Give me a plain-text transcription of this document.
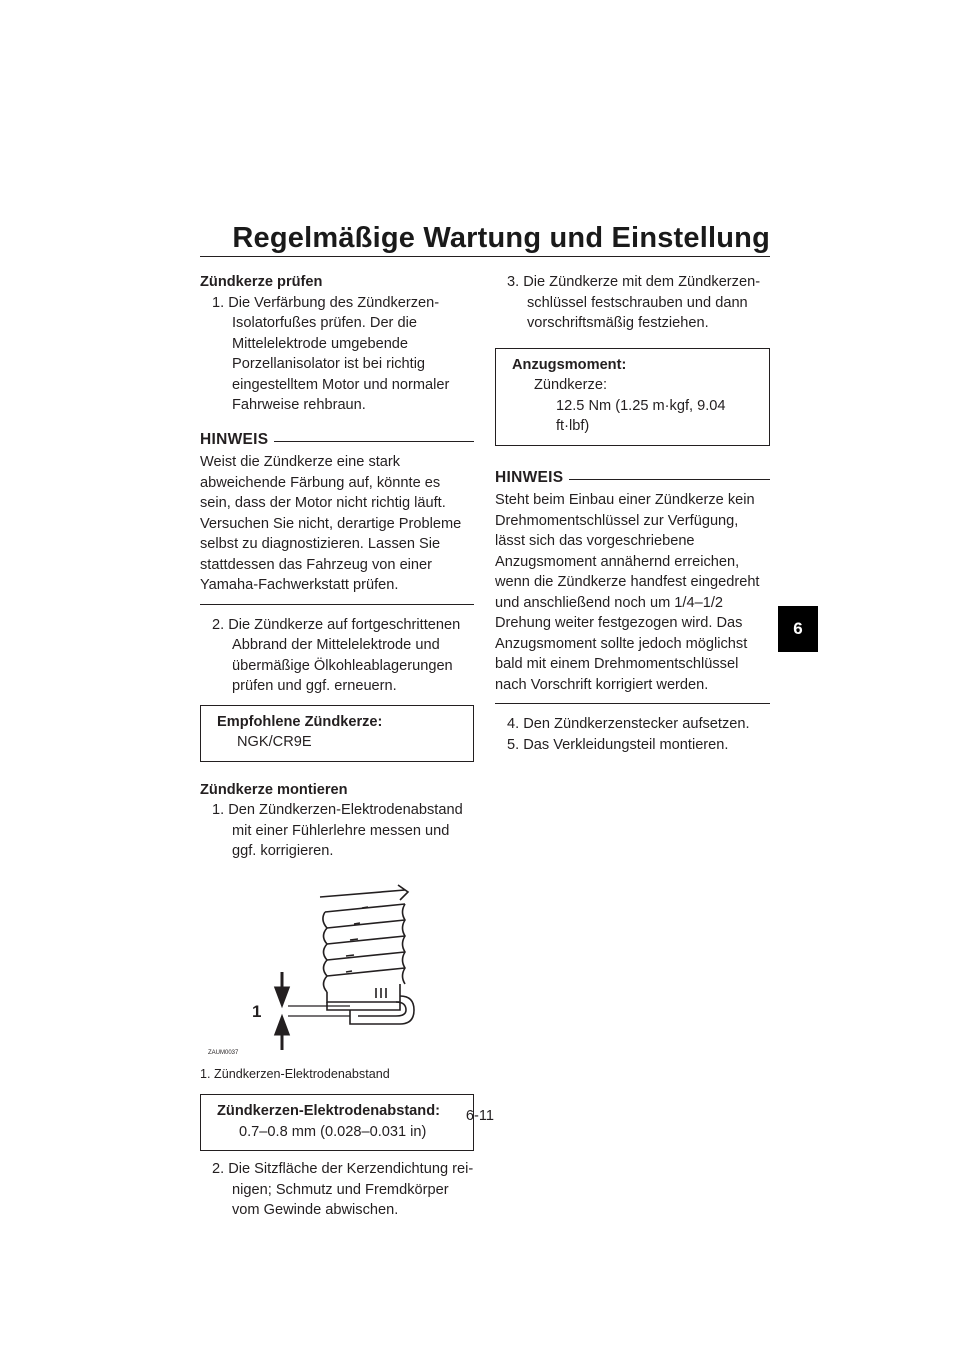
Regelmäßige Wartung und Einstellung
6
Zündkerze prüfen
1. Die Verfärbung des Zündkerzen-Isolatorfußes prüfen. Der die Mittelelektrode umgebende Porzellanisolator ist bei richtig eingestelltem Motor und normaler Fahrweise rehbraun.
HINWEIS
Weist die Zündkerze eine stark abweichende Färbung auf, könnte es sein, dass der Motor nicht richtig läuft. Versuchen Sie nicht, derartige Probleme selbst zu diagnostizieren. Lassen Sie stattdessen das Fahrzeug von einer Yamaha-Fachwerkstatt prüfen.
2. Die Zündkerze auf fortgeschrittenen Abbrand der Mittelelektrode und übermäßige Ölkohleablagerungen prüfen und ggf. erneuern.
Empfohlene Zündkerze:
NGK/CR9E
Zündkerze montieren
1. Den Zündkerzen-Elektrodenabstand mit einer Fühlerlehre messen und ggf. korrigieren.
1
ZAUM0037
1. Zündkerzen-Elektrodenabstand
Zündkerzen-Elektrodenabstand:
0.7–0.8 mm (0.028–0.031 in)
2. Die Sitzfläche der Kerzendichtung reinigen; Schmutz und Fremdkörper vom Gewinde abwischen.
3. Die Zündkerze mit dem Zündkerzenschlüssel festschrauben und dann vorschriftsmäßig festziehen.
Anzugsmoment:
Zündkerze:
12.5 Nm (1.25 m·kgf, 9.04 ft·lbf)
HINWEIS
Steht beim Einbau einer Zündkerze kein Drehmomentschlüssel zur Verfügung, lässt sich das vorgeschriebene Anzugsmoment annähernd erreichen, wenn die Zündkerze handfest eingedreht und anschließend noch um 1/4–1/2 Drehung weiter festgezogen wird. Das Anzugsmoment sollte jedoch möglichst bald mit einem Drehmomentschlüssel nach Vorschrift korrigiert werden.
4. Den Zündkerzenstecker aufsetzen.
5. Das Verkleidungsteil montieren.
6-11
